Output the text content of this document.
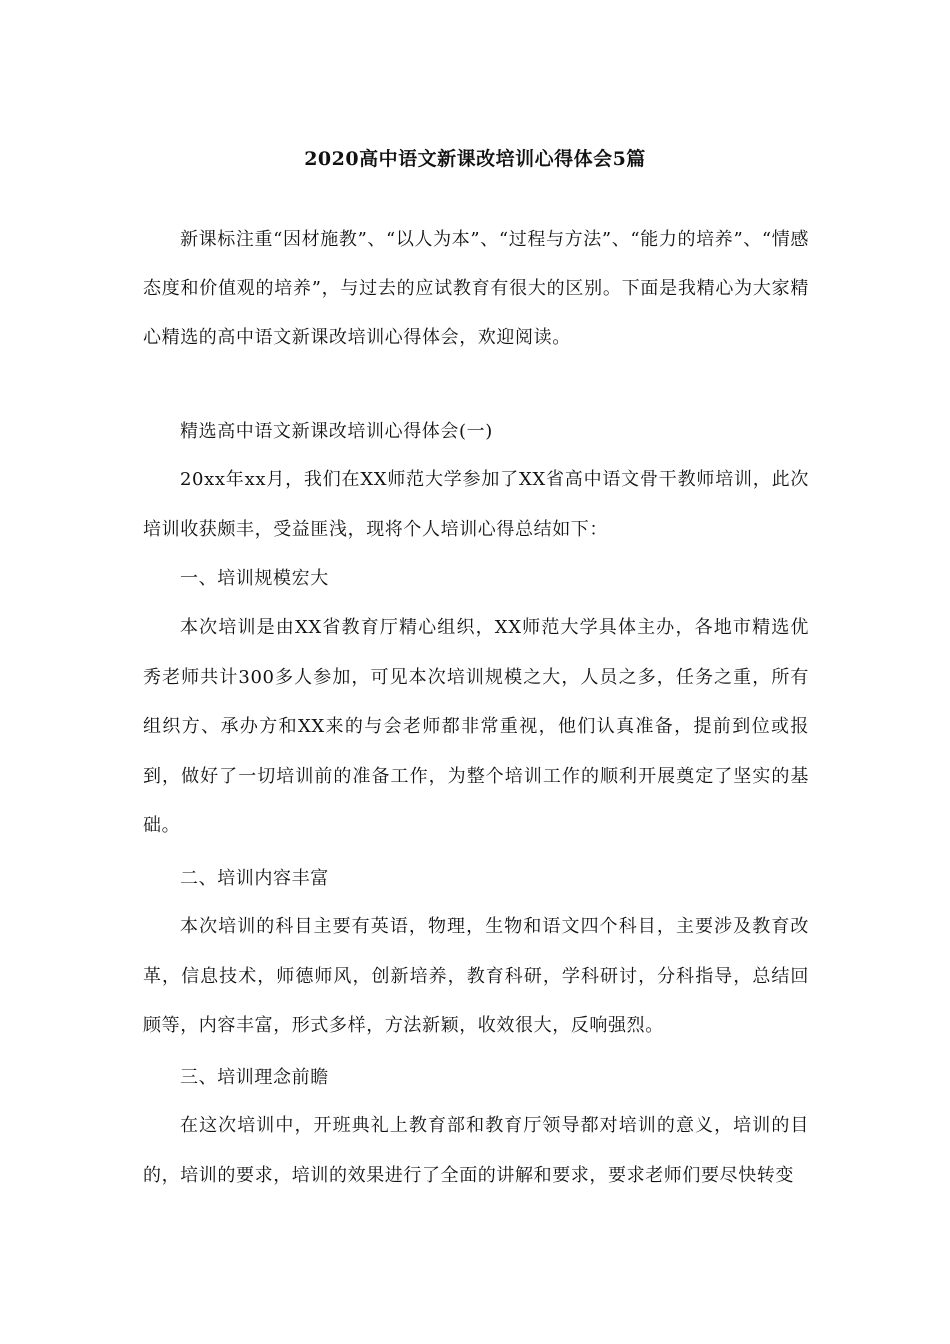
2020高中语文新课改培训心得体会5篇

新课标注重“因材施教”、“以人为本”、“过程与方法”、“能力的培养”、“情感态度和价值观的培养”，与过去的应试教育有很大的区别。下面是我精心为大家精心精选的高中语文新课改培训心得体会，欢迎阅读。

精选高中语文新课改培训心得体会(一)

20xx年xx月，我们在XX师范大学参加了XX省高中语文骨干教师培训，此次培训收获颇丰，受益匪浅，现将个人培训心得总结如下：

一、培训规模宏大

本次培训是由XX省教育厅精心组织，XX师范大学具体主办，各地市精选优秀老师共计300多人参加，可见本次培训规模之大，人员之多，任务之重，所有组织方、承办方和XX来的与会老师都非常重视，他们认真准备，提前到位或报到，做好了一切培训前的准备工作，为整个培训工作的顺利开展奠定了坚实的基础。

二、培训内容丰富

本次培训的科目主要有英语，物理，生物和语文四个科目，主要涉及教育改革，信息技术，师德师风，创新培养，教育科研，学科研讨，分科指导，总结回顾等，内容丰富，形式多样，方法新颖，收效很大，反响强烈。

三、培训理念前瞻

在这次培训中，开班典礼上教育部和教育厅领导都对培训的意义，培训的目的，培训的要求，培训的效果进行了全面的讲解和要求，要求老师们要尽快转变
